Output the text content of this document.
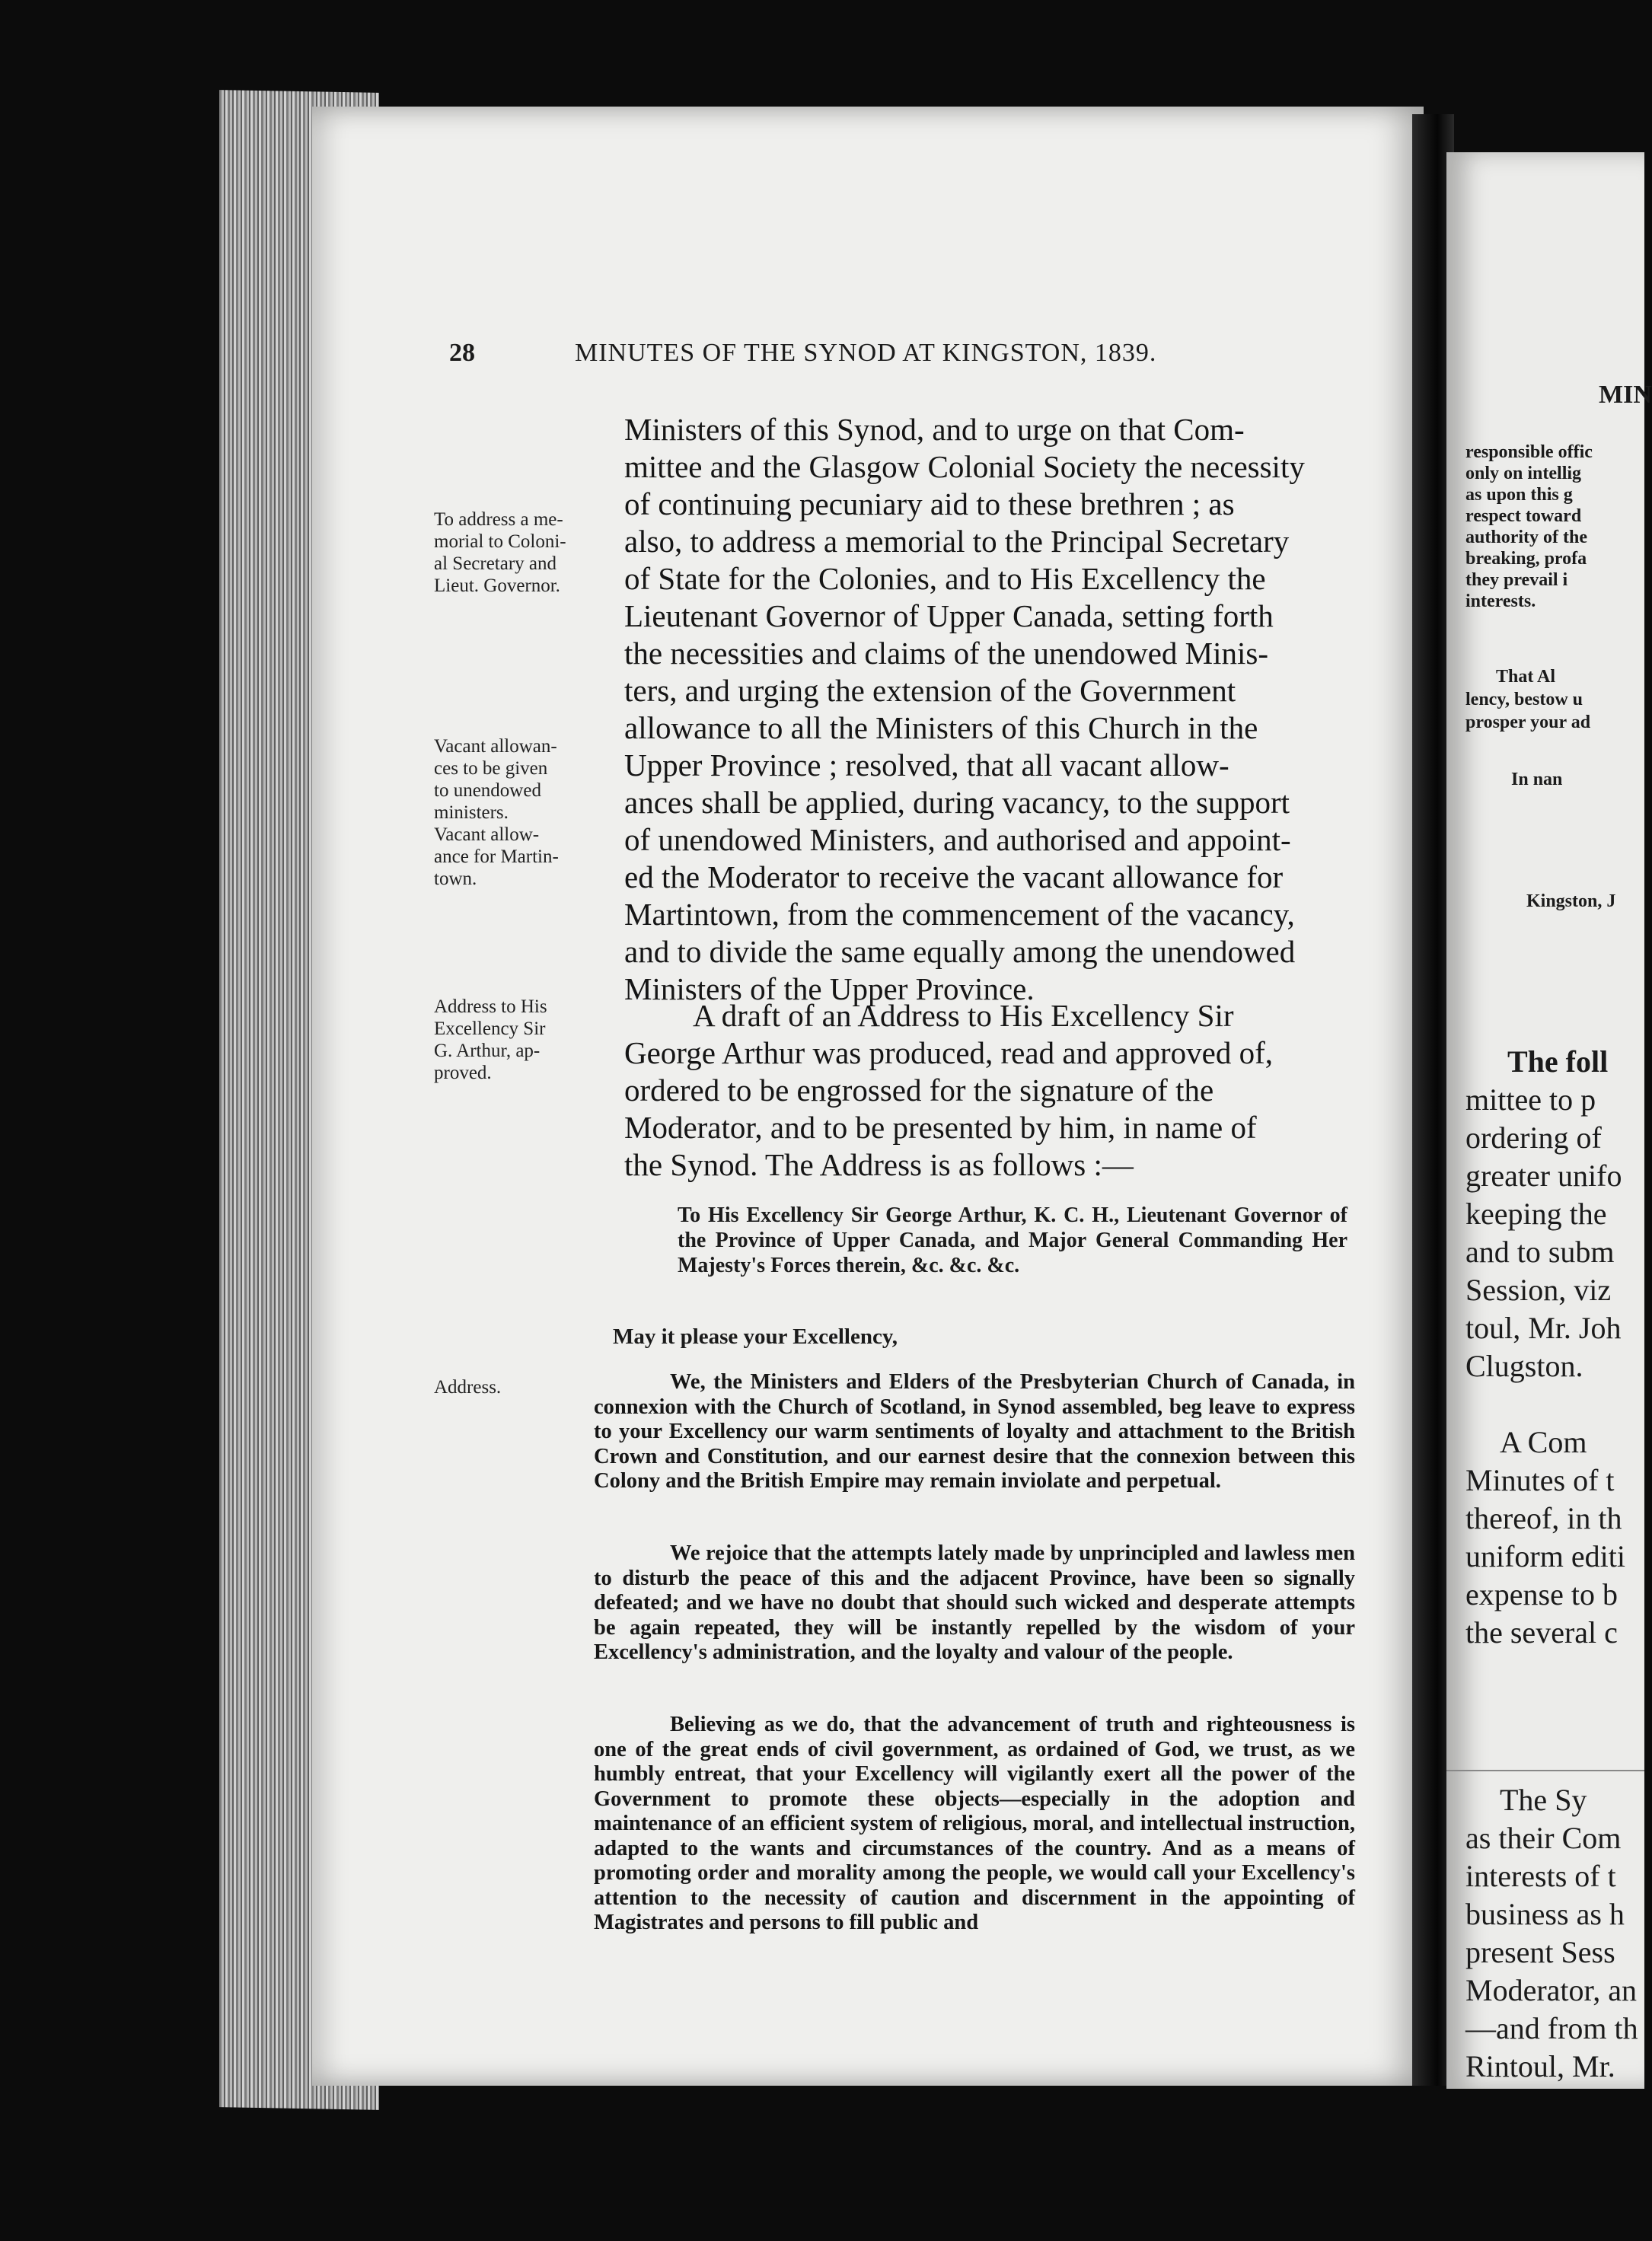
28	MINUTES OF THE SYNOD AT KINGSTON, 1839.
To address a me-
morial to Coloni-
al Secretary and
Lieut. Governor.
Vacant allowan-
ces to be given
to unendowed
ministers.
Vacant allow-
ance for Martin-
town.
Address to His
Excellency Sir
G. Arthur, ap-
proved.
Address.
Ministers of this Synod, and to urge on that Com-
mittee and the Glasgow Colonial Society the necessity
of continuing pecuniary aid to these brethren ; as
also, to address a memorial to the Principal Secretary
of State for the Colonies, and to His Excellency the
Lieutenant Governor of Upper Canada, setting forth
the necessities and claims of the unendowed Minis-
ters, and urging the extension of the Government
allowance to all the Ministers of this Church in the
Upper Province ; resolved, that all vacant allow-
ances shall be applied, during vacancy, to the support
of unendowed Ministers, and authorised and appoint-
ed the Moderator to receive the vacant allowance for
Martintown, from the commencement of the vacancy,
and to divide the same equally among the unendowed
Ministers of the Upper Province.
A draft of an Address to His Excellency Sir
George Arthur was produced, read and approved of,
ordered to be engrossed for the signature of the
Moderator, and to be presented by him, in name of
the Synod. The Address is as follows :—
To His Excellency Sir George Arthur, K. C. H., Lieutenant Governor of the Province of Upper Canada, and Major General Commanding Her Majesty's Forces therein, &c. &c. &c.
May it please your Excellency,
We, the Ministers and Elders of the Presbyterian Church of Canada, in connexion with the Church of Scotland, in Synod assembled, beg leave to express to your Excellency our warm sentiments of loyalty and attachment to the British Crown and Constitution, and our earnest desire that the connexion between this Colony and the British Empire may remain inviolate and perpetual.
We rejoice that the attempts lately made by unprincipled and lawless men to disturb the peace of this and the adjacent Province, have been so signally defeated; and we have no doubt that should such wicked and desperate attempts be again repeated, they will be instantly repelled by the wisdom of your Excellency's administration, and the loyalty and valour of the people.
Believing as we do, that the advancement of truth and righteousness is one of the great ends of civil government, as ordained of God, we trust, as we humbly entreat, that your Excellency will vigilantly exert all the power of the Government to promote these objects—especially in the adoption and maintenance of an efficient system of religious, moral, and intellectual instruction, adapted to the wants and circumstances of the country. And as a means of promoting order and morality among the people, we would call your Excellency's attention to the necessity of caution and discernment in the appointing of Magistrates and persons to fill public and
MIN
responsible offic
only on intellig
as upon this g
respect toward
authority of the
breaking, profa
they prevail i
interests.
That Al
lency, bestow u
prosper your ad
In nan
Kingston, J
The foll
mittee to p
ordering of
greater unifo
keeping the
and to subm
Session, viz
toul, Mr. Joh
Clugston.
A Com
Minutes of t
thereof, in th
uniform editi
expense to b
the several c
The Sy
as their Com
interests of t
business as h
present Sess
Moderator, an
—and from th
Rintoul, Mr.
